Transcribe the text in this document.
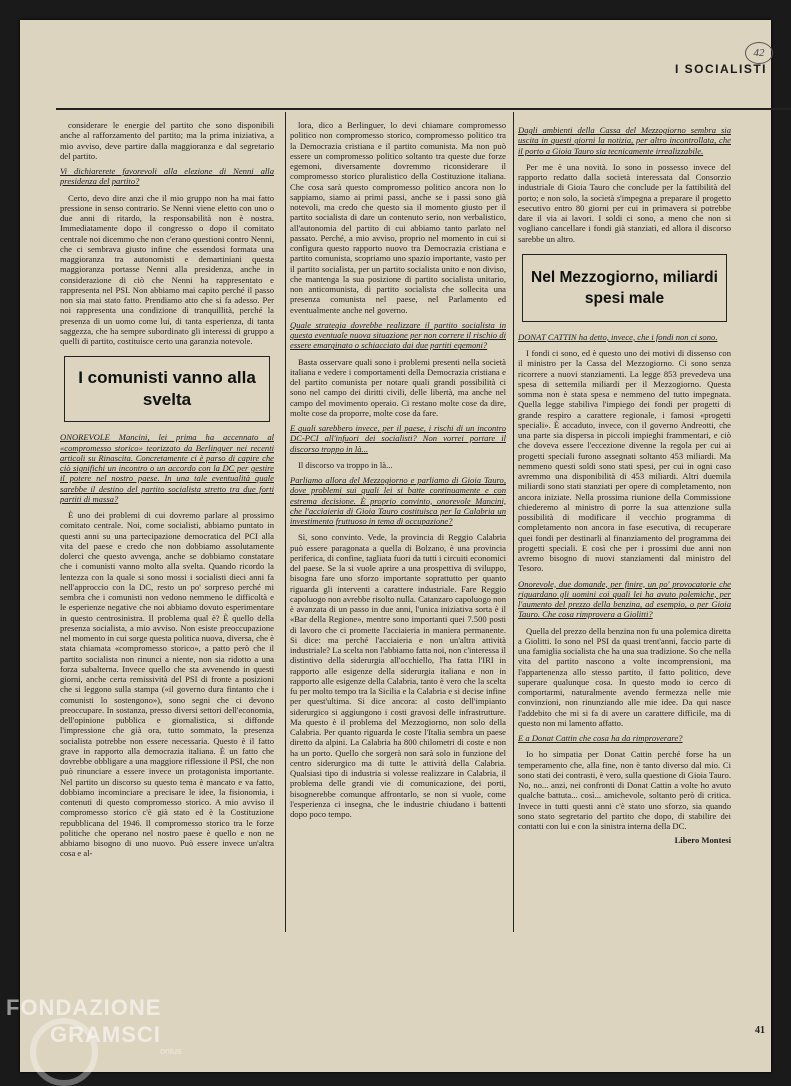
42
I SOCIALISTI

considerare le energie del partito che sono disponibili anche al rafforzamento del partito; ma la prima iniziativa, a mio avviso, deve partire dalla maggioranza e dal segretario del partito.

Vi dichiarerete favorevoli alla elezione di Nenni alla presidenza del partito?

Certo, devo dire anzi che il mio gruppo non ha mai fatto pressione in senso contrario. Se Nenni viene eletto con uno o due anni di ritardo, la responsabilità non è nostra. Immediatamente dopo il congresso o dopo il comitato centrale noi dicemmo che non c'erano questioni contro Nenni, che ci sembrava giusto infine che essendosi formata una maggioranza tra autonomisti e demartiniani questa maggioranza portasse Nenni alla presidenza, anche in considerazione di ciò che Nenni ha rappresentato e rappresenta nel PSI. Non abbiamo mai capito perché il passo non sia mai stato fatto. Prendiamo atto che si fa adesso. Per noi rappresenta una condizione di tranquillità, perché la presenza di un uomo come lui, di tanta esperienza, di tanta saggezza, che ha sempre subordinato gli interessi di gruppo a quelli di partito, costituisce certo una garanzia notevole.

I comunisti vanno alla svelta

ONOREVOLE Mancini, lei prima ha accennato al «compromesso storico» teorizzato da Berlinguer nei recenti articoli su Rinascita. Concretamente ci è parso di capire che ciò significhi un incontro o un accordo con la DC per gestire il potere nel nostro paese. In una tale eventualità quale sarebbe il destino del partito socialista stretto tra due forti partiti di massa?

È uno dei problemi di cui dovremo parlare al prossimo comitato centrale. Noi, come socialisti, abbiamo puntato in questi anni su una partecipazione democratica del PCI alla vita del paese e credo che non dobbiamo assolutamente dolerci che questo avvenga, anche se dobbiamo constatare che i comunisti vanno molto alla svelta. Quando ricordo la lentezza con la quale si sono mossi i socialisti dieci anni fa nell'approccio con la DC, resto un po' sorpreso perché mi sembra che i comunisti non vedono nemmeno le difficoltà e le esperienze negative che noi abbiamo dovuto esperimentare in questo centrosinistra. Il problema qual è? È quello della presenza socialista, a mio avviso. Non esiste preoccupazione nel momento in cui sorge questa politica nuova, diversa, che è stata chiamata «compromesso storico», a patto però che il partito socialista non rinunci a niente, non sia ridotto a una forza subalterna. Invece quello che sta avvenendo in questi giorni, anche certa remissività del PSI di fronte a posizioni che si leggono sulla stampa («il governo dura fintanto che i comunisti lo sostengono»), sono segni che ci devono preoccupare. In sostanza, presso diversi settori dell'economia, dell'opinione pubblica e giornalistica, si diffonde l'impressione che già ora, tutto sommato, la presenza socialista potrebbe non essere necessaria. Questo è il fatto grave in rapporto alla democrazia italiana. È un fatto che dovrebbe obbligare a una maggiore riflessione il PSI, che non può rinunciare a essere invece un protagonista importante. Nel partito un discorso su questo tema è mancato e va fatto, dobbiamo incominciare a precisare le idee, la fisionomia, i contenuti di questo compromesso storico. A mio avviso il compromesso storico c'è già stato ed è la Costituzione repubblicana del 1946. Il compromesso storico tra le forze politiche che operano nel nostro paese è quello e non ne abbiamo bisogno di uno nuovo. Può essere invece un'altra cosa e al-

lora, dico a Berlinguer, lo devi chiamare compromesso politico non compromesso storico, compromesso politico tra la Democrazia cristiana e il partito comunista. Ma non può essere un compromesso politico soltanto tra queste due forze egemoni, diversamente dovremmo riconsiderare il compromesso storico pluralistico della Costituzione italiana. Che cosa sarà questo compromesso politico ancora non lo sappiamo, siamo ai primi passi, anche se i passi sono già notevoli, ma credo che questo sia il momento giusto per il partito socialista di dare un contenuto serio, non verbalistico, all'autonomia del partito di cui abbiamo tanto parlato nel passato. Perché, a mio avviso, proprio nel momento in cui si configura questo rapporto nuovo tra Democrazia cristiana e partito comunista, scopriamo uno spazio importante, vasto per il partito socialista, per un partito socialista unito e non diviso, che mantenga la sua posizione di partito socialista unitario, non anticomunista, di partito socialista che sollecita una presenza comunista nel paese, nel Parlamento ed eventualmente anche nel governo.

Quale strategia dovrebbe realizzare il partito socialista in questa eventuale nuova situazione per non correre il rischio di essere emarginato o schiacciato dai due partiti egemoni?

Basta osservare quali sono i problemi presenti nella società italiana e vedere i comportamenti della Democrazia cristiana e del partito comunista per notare quali grandi possibilità ci sono nel campo dei diritti civili, delle libertà, ma anche nel campo del movimento operaio. Ci restano molte cose da dire, molte cose da proporre, molte cose da fare.

E quali sarebbero invece, per il paese, i rischi di un incontro DC-PCI all'infuori dei socialisti? Non vorrei portare il discorso troppo in là...

Il discorso va troppo in là...

Parliamo allora del Mezzogiorno e parliamo di Gioia Tauro, dove problemi sui quali lei si batte continuamente e con estrema decisione. È proprio convinto, onorevole Mancini, che l'acciaieria di Gioia Tauro costituisca per la Calabria un investimento fruttuoso in tema di occupazione?

Sì, sono convinto. Vede, la provincia di Reggio Calabria può essere paragonata a quella di Bolzano, è una provincia periferica, di confine, tagliata fuori da tutti i circuiti economici del paese. Se la si vuole aprire a una prospettiva di sviluppo, bisogna fare uno sforzo importante soprattutto per quanto riguarda gli interventi a carattere industriale. Fare Reggio capoluogo non avrebbe risolto nulla. Catanzaro capoluogo non è avanzata di un passo in due anni, l'unica iniziativa sorta è il «Bar della Regione», mentre sono importanti quei 7.500 posti di lavoro che ci promette l'acciaieria in maniera permanente. Si dice: ma perché l'acciaieria e non un'altra attività industriale? La scelta non l'abbiamo fatta noi, non c'interessa il distintivo della siderurgia all'occhiello, l'ha fatta l'IRI in rapporto alle esigenze della siderurgia italiana e non in rapporto alle esigenze della Calabria, tanto è vero che la scelta fu per molto tempo tra la Sicilia e la Calabria e si decise infine per quest'ultima. Si dice ancora: al costo dell'impianto siderurgico si aggiungono i costi gravosi delle infrastrutture. Ma questo è il problema del Mezzogiorno, non solo della Calabria. Per quanto riguarda le coste l'Italia sembra un paese diretto da alpini. La Calabria ha 800 chilometri di coste e non ha un porto. Quello che sorgerà non sarà solo in funzione del centro siderurgico ma di tutte le attività della Calabria. Qualsiasi tipo di industria si volesse realizzare in Calabria, il problema delle grandi vie di comunicazione, dei porti, bisognerebbe comunque affrontarlo, se non si vuole, come l'esperienza ci insegna, che le industrie chiudano i battenti dopo poco tempo.

Dagli ambienti della Cassa del Mezzogiorno sembra sia uscita in questi giorni la notizia, per altro incontrollata, che il porto a Gioia Tauro sia tecnicamente irrealizzabile.

Per me è una novità. Io sono in possesso invece del rapporto redatto dalla società interessata dal Consorzio industriale di Gioia Tauro che conclude per la fattibilità del porto; e non solo, la società s'impegna a preparare il progetto esecutivo entro 80 giorni per cui in primavera si potrebbe dare il via ai lavori. I soldi ci sono, a meno che non si vogliano cancellare i fondi già stanziati, ed allora il discorso sarebbe un altro.

Nel Mezzogiorno, miliardi spesi male

DONAT CATTIN ha detto, invece, che i fondi non ci sono.

I fondi ci sono, ed è questo uno dei motivi di dissenso con il ministro per la Cassa del Mezzogiorno. Ci sono senza ricorrere a nuovi stanziamenti. La legge 853 prevedeva una spesa di settemila miliardi per il Mezzogiorno. Questa somma non è stata spesa e nemmeno del tutto impegnata. Quella legge stabiliva l'impiego dei fondi per progetti di grande respiro a carattere regionale, i famosi «progetti speciali». È accaduto, invece, con il governo Andreotti, che una parte sia dispersa in piccoli impieghi frammentari, e ciò che doveva essere l'eccezione divenne la regola per cui ai progetti speciali furono assegnati soltanto 453 miliardi. Ma nemmeno questi soldi sono stati spesi, per cui in ogni caso avremmo una disponibilità di 453 miliardi. Altri duemila miliardi sono stati stanziati per opere di completamento, non ancora iniziate. Nella prossima riunione della Commissione chiederemo al ministro di porre la sua attenzione sulla possibilità di modificare il vecchio programma di completamento non ancora in fase esecutiva, di recuperare quei fondi per destinarli al finanziamento del programma dei progetti speciali. E così che per i prossimi due anni non avremo bisogno di nuovi stanziamenti dal ministro del Tesoro.

Onorevole, due domande, per finire, un po' provocatorie che riguardano gli uomini coi quali lei ha avuto polemiche, per l'aumento del prezzo della benzina, ad esempio, o per Gioia Tauro. Che cosa rimprovera a Giolitti?

Quella del prezzo della benzina non fu una polemica diretta a Giolitti. Io sono nel PSI da quasi trent'anni, faccio parte di una famiglia socialista che ha una sua tradizione. So che nella vita del partito nascono a volte incomprensioni, ma l'appartenenza allo stesso partito, il fatto politico, deve superare qualunque cosa. In questo modo io cerco di comportarmi, naturalmente avendo fermezza nelle mie convinzioni, non rinunziando alle mie idee. Da qui nasce l'addebito che mi si fa di avere un carattere difficile, ma di questo non mi lamento affatto.

E a Donat Cattin che cosa ha da rimproverare?

Io ho simpatia per Donat Cattin perché forse ha un temperamento che, alla fine, non è tanto diverso dal mio. Ci sono stati dei contrasti, è vero, sulla questione di Gioia Tauro. No, no... anzi, nei confronti di Donat Cattin a volte ho avuto qualche battuta... così... amichevole, soltanto però di critica. Invece in tutti questi anni c'è stato uno sforzo, sia quando sono stato segretario del partito che dopo, di stabilire dei contatti con lui e con la sinistra interna della DC.

Libero Montesi
41
FONDAZIONE
GRAMSCI
onlus
